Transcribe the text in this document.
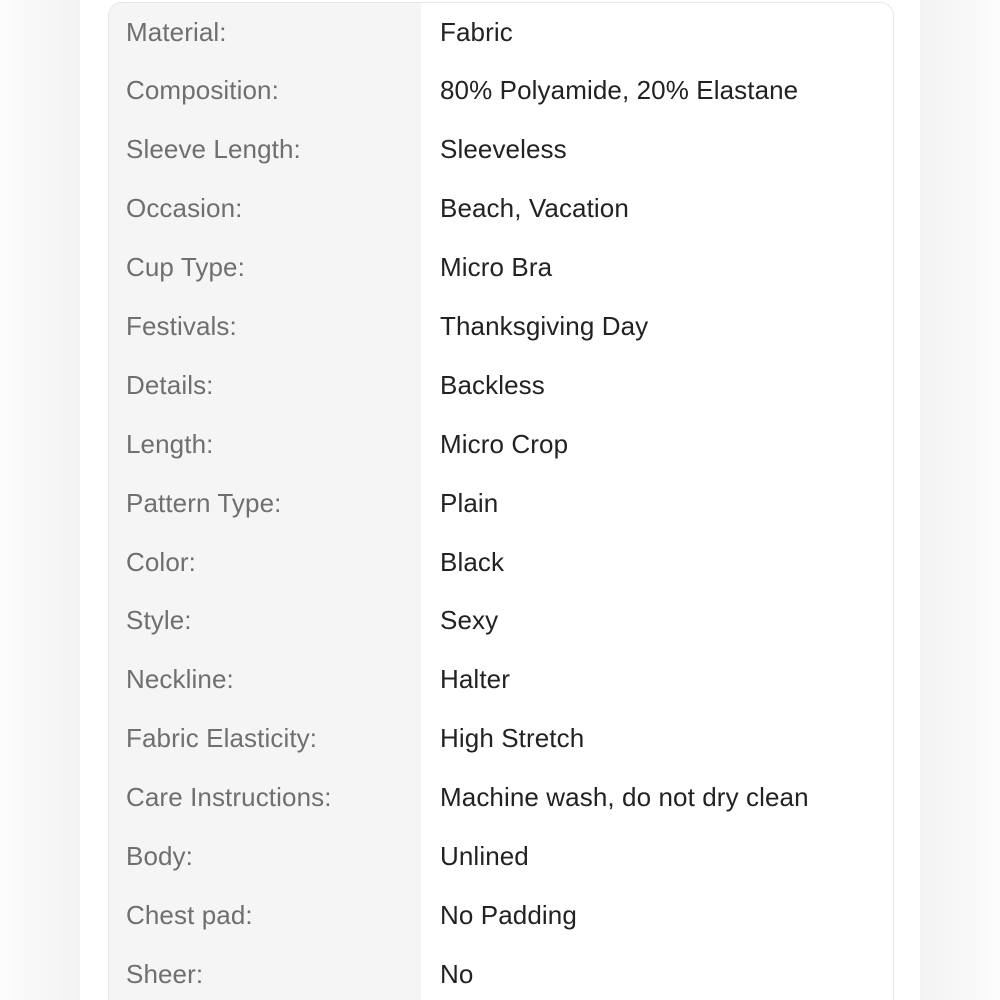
Material:	Fabric
Composition:	80% Polyamide, 20% Elastane
Sleeve Length:	Sleeveless
Occasion:	Beach, Vacation
Cup Type:	Micro Bra
Festivals:	Thanksgiving Day
Details:	Backless
Length:	Micro Crop
Pattern Type:	Plain
Color:	Black
Style:	Sexy
Neckline:	Halter
Fabric Elasticity:	High Stretch
Care Instructions:	Machine wash, do not dry clean
Body:	Unlined
Chest pad:	No Padding
Sheer:	No
